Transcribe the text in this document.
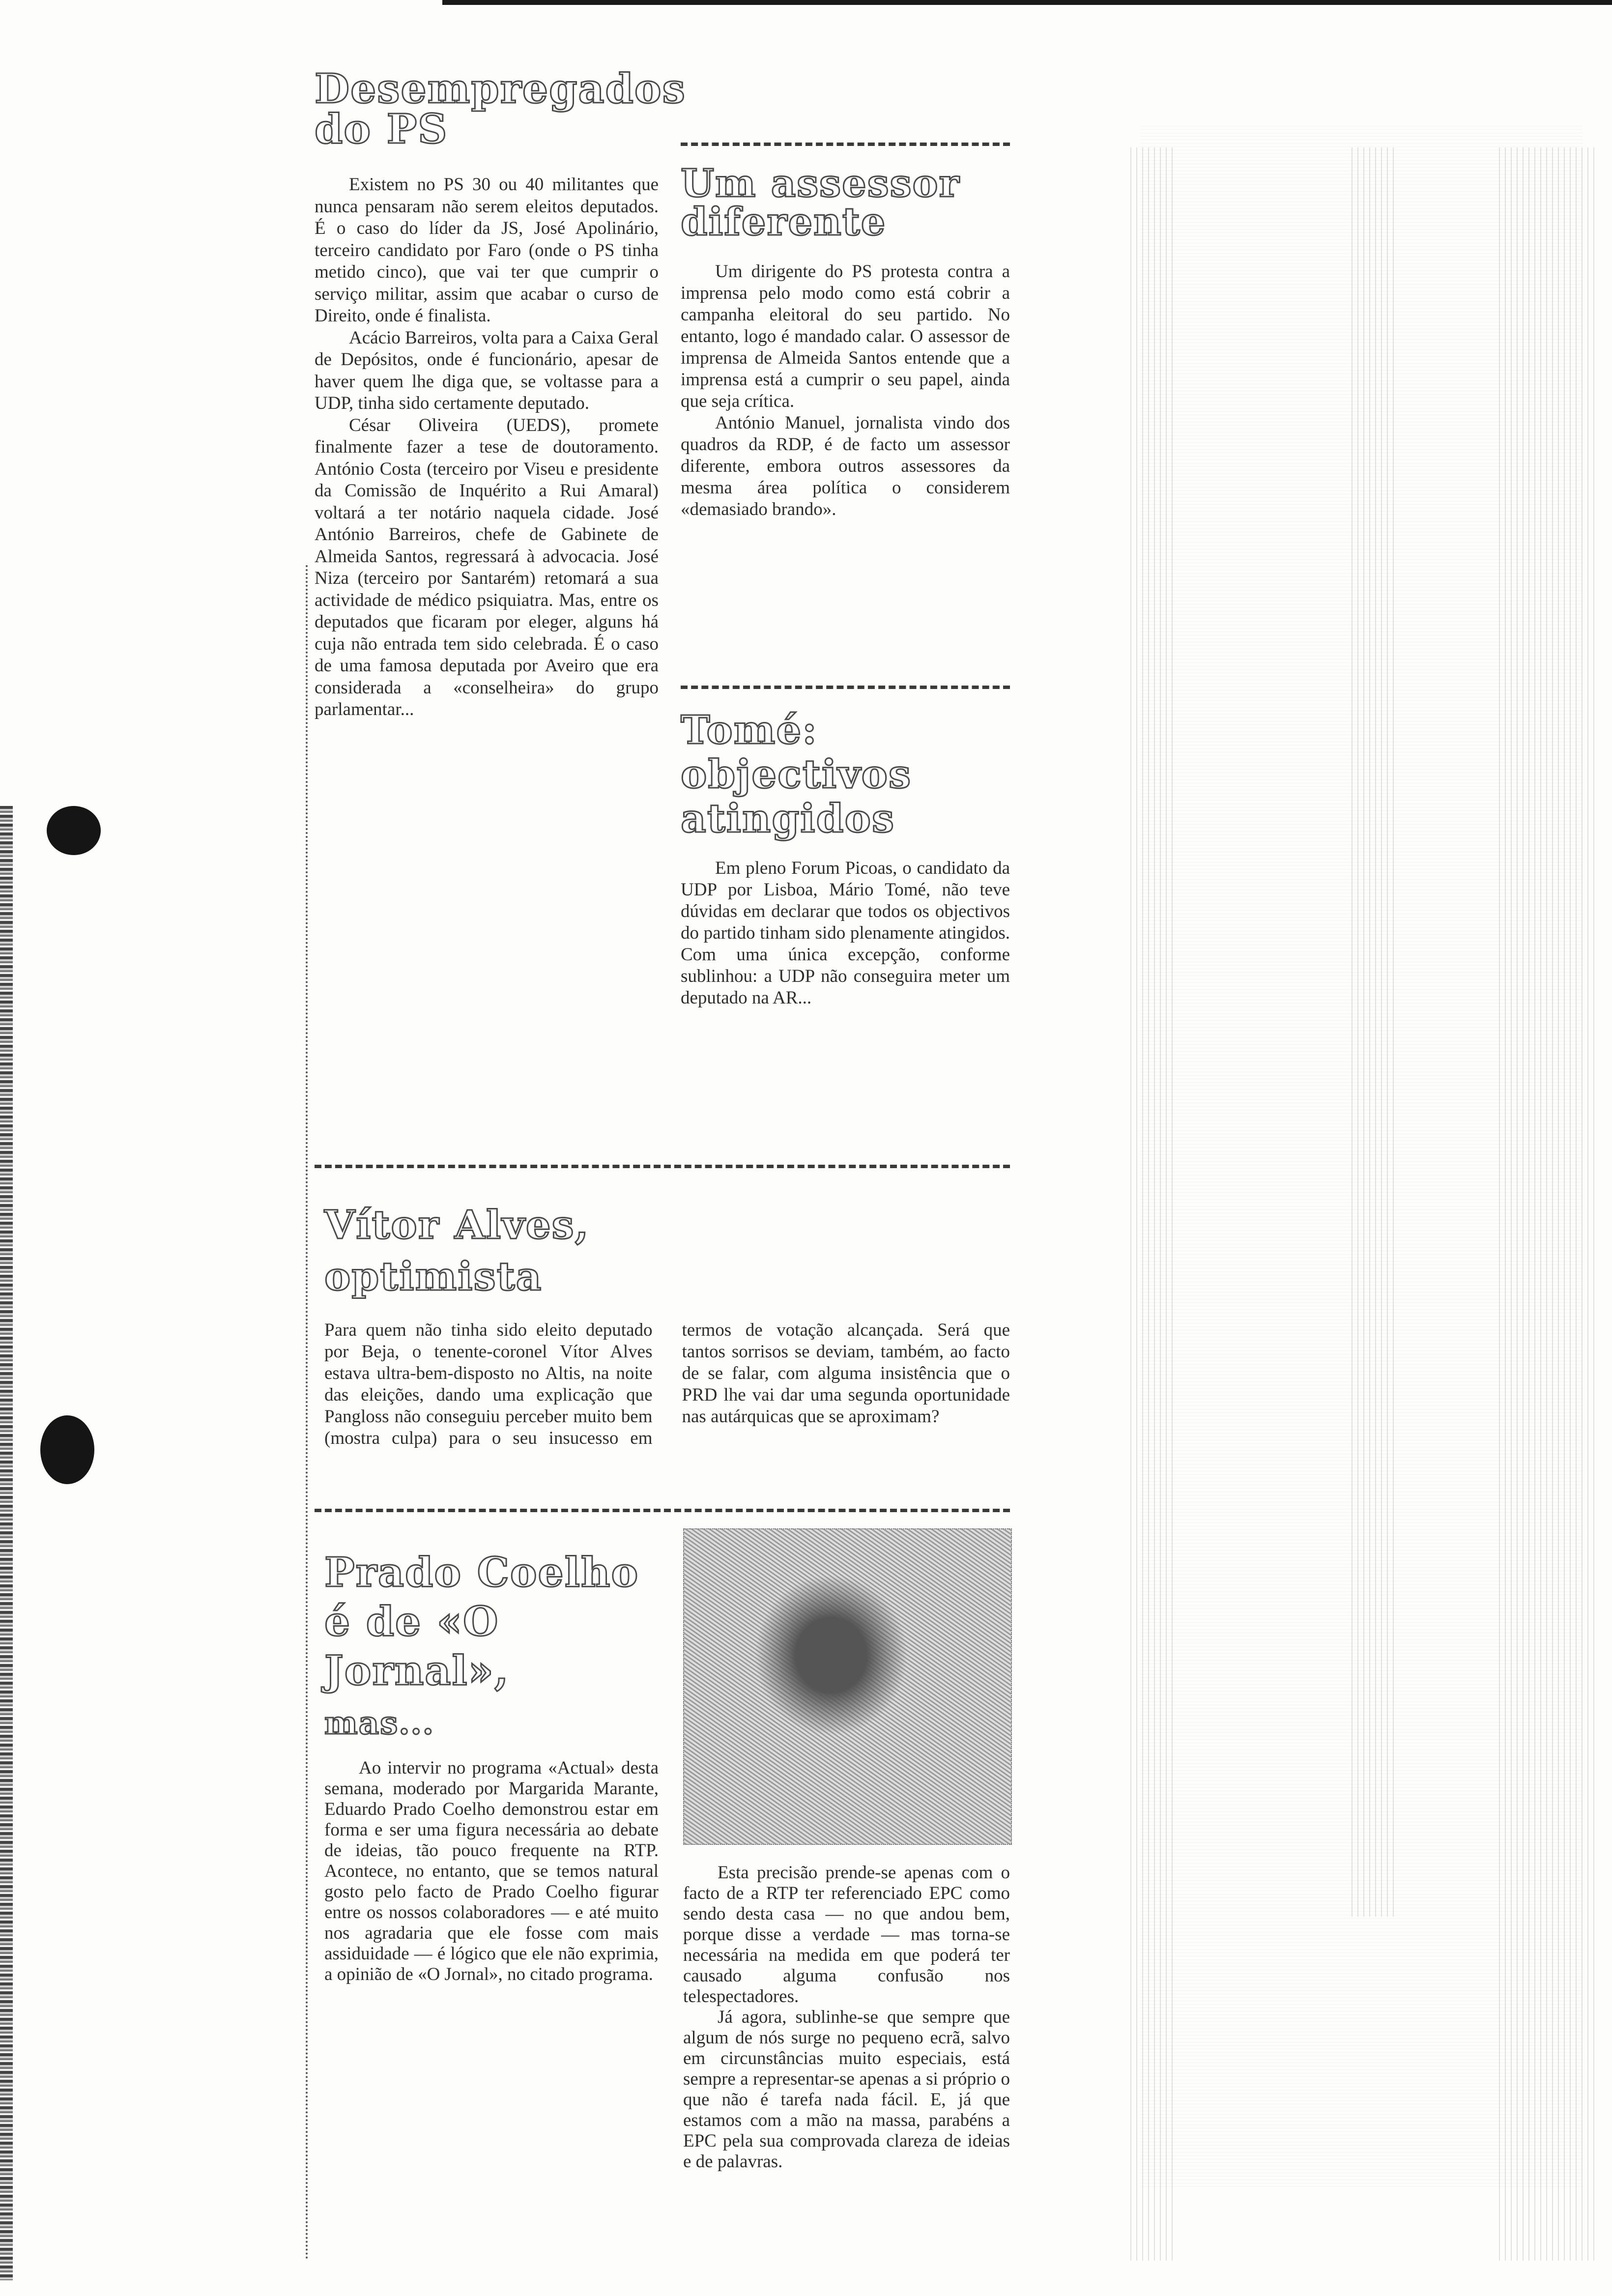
Desempregados
do PS

Existem no PS 30 ou 40 militantes que nunca pensaram não serem eleitos deputados. É o caso do líder da JS, José Apolinário, terceiro candidato por Faro (onde o PS tinha metido cinco), que vai ter que cumprir o serviço militar, assim que acabar o curso de Direito, onde é finalista.

Acácio Barreiros, volta para a Caixa Geral de Depósitos, onde é funcionário, apesar de haver quem lhe diga que, se voltasse para a UDP, tinha sido certamente deputado.

César Oliveira (UEDS), promete finalmente fazer a tese de doutoramento. António Costa (terceiro por Viseu e presidente da Comissão de Inquérito a Rui Amaral) voltará a ter notário naquela cidade. José António Barreiros, chefe de Gabinete de Almeida Santos, regressará à advocacia. José Niza (terceiro por Santarém) retomará a sua actividade de médico psiquiatra. Mas, entre os deputados que ficaram por eleger, alguns há cuja não entrada tem sido celebrada. É o caso de uma famosa deputada por Aveiro que era considerada a «conselheira» do grupo parlamentar...

Um assessor
diferente

Um dirigente do PS protesta contra a imprensa pelo modo como está cobrir a campanha eleitoral do seu partido. No entanto, logo é mandado calar. O assessor de imprensa de Almeida Santos entende que a imprensa está a cumprir o seu papel, ainda que seja crítica.

António Manuel, jornalista vindo dos quadros da RDP, é de facto um assessor diferente, embora outros assessores da mesma área política o considerem «demasiado brando».

Tomé:
objectivos
atingidos

Em pleno Forum Picoas, o candidato da UDP por Lisboa, Mário Tomé, não teve dúvidas em declarar que todos os objectivos do partido tinham sido plenamente atingidos. Com uma única excepção, conforme sublinhou: a UDP não conseguira meter um deputado na AR...

Vítor Alves,
optimista

Para quem não tinha sido eleito deputado por Beja, o tenente-coronel Vítor Alves estava ultra-bem-disposto no Altis, na noite das eleições, dando uma explicação que Pangloss não conseguiu perceber muito bem (mostra culpa) para o seu insucesso em termos de votação alcançada. Será que tantos sorrisos se deviam, também, ao facto de se falar, com alguma insistência que o PRD lhe vai dar uma segunda oportunidade nas autárquicas que se aproximam?

Prado Coelho
é de «O Jornal»,
mas...

Ao intervir no programa «Actual» desta semana, moderado por Margarida Marante, Eduardo Prado Coelho demonstrou estar em forma e ser uma figura necessária ao debate de ideias, tão pouco frequente na RTP. Acontece, no entanto, que se temos natural gosto pelo facto de Prado Coelho figurar entre os nossos colaboradores — e até muito nos agradaria que ele fosse com mais assiduidade — é lógico que ele não exprimia, a opinião de «O Jornal», no citado programa.

Esta precisão prende-se apenas com o facto de a RTP ter referenciado EPC como sendo desta casa — no que andou bem, porque disse a verdade — mas torna-se necessária na medida em que poderá ter causado alguma confusão nos telespectadores.

Já agora, sublinhe-se que sempre que algum de nós surge no pequeno ecrã, salvo em circunstâncias muito especiais, está sempre a representar-se apenas a si próprio o que não é tarefa nada fácil. E, já que estamos com a mão na massa, parabéns a EPC pela sua comprovada clareza de ideias e de palavras.
